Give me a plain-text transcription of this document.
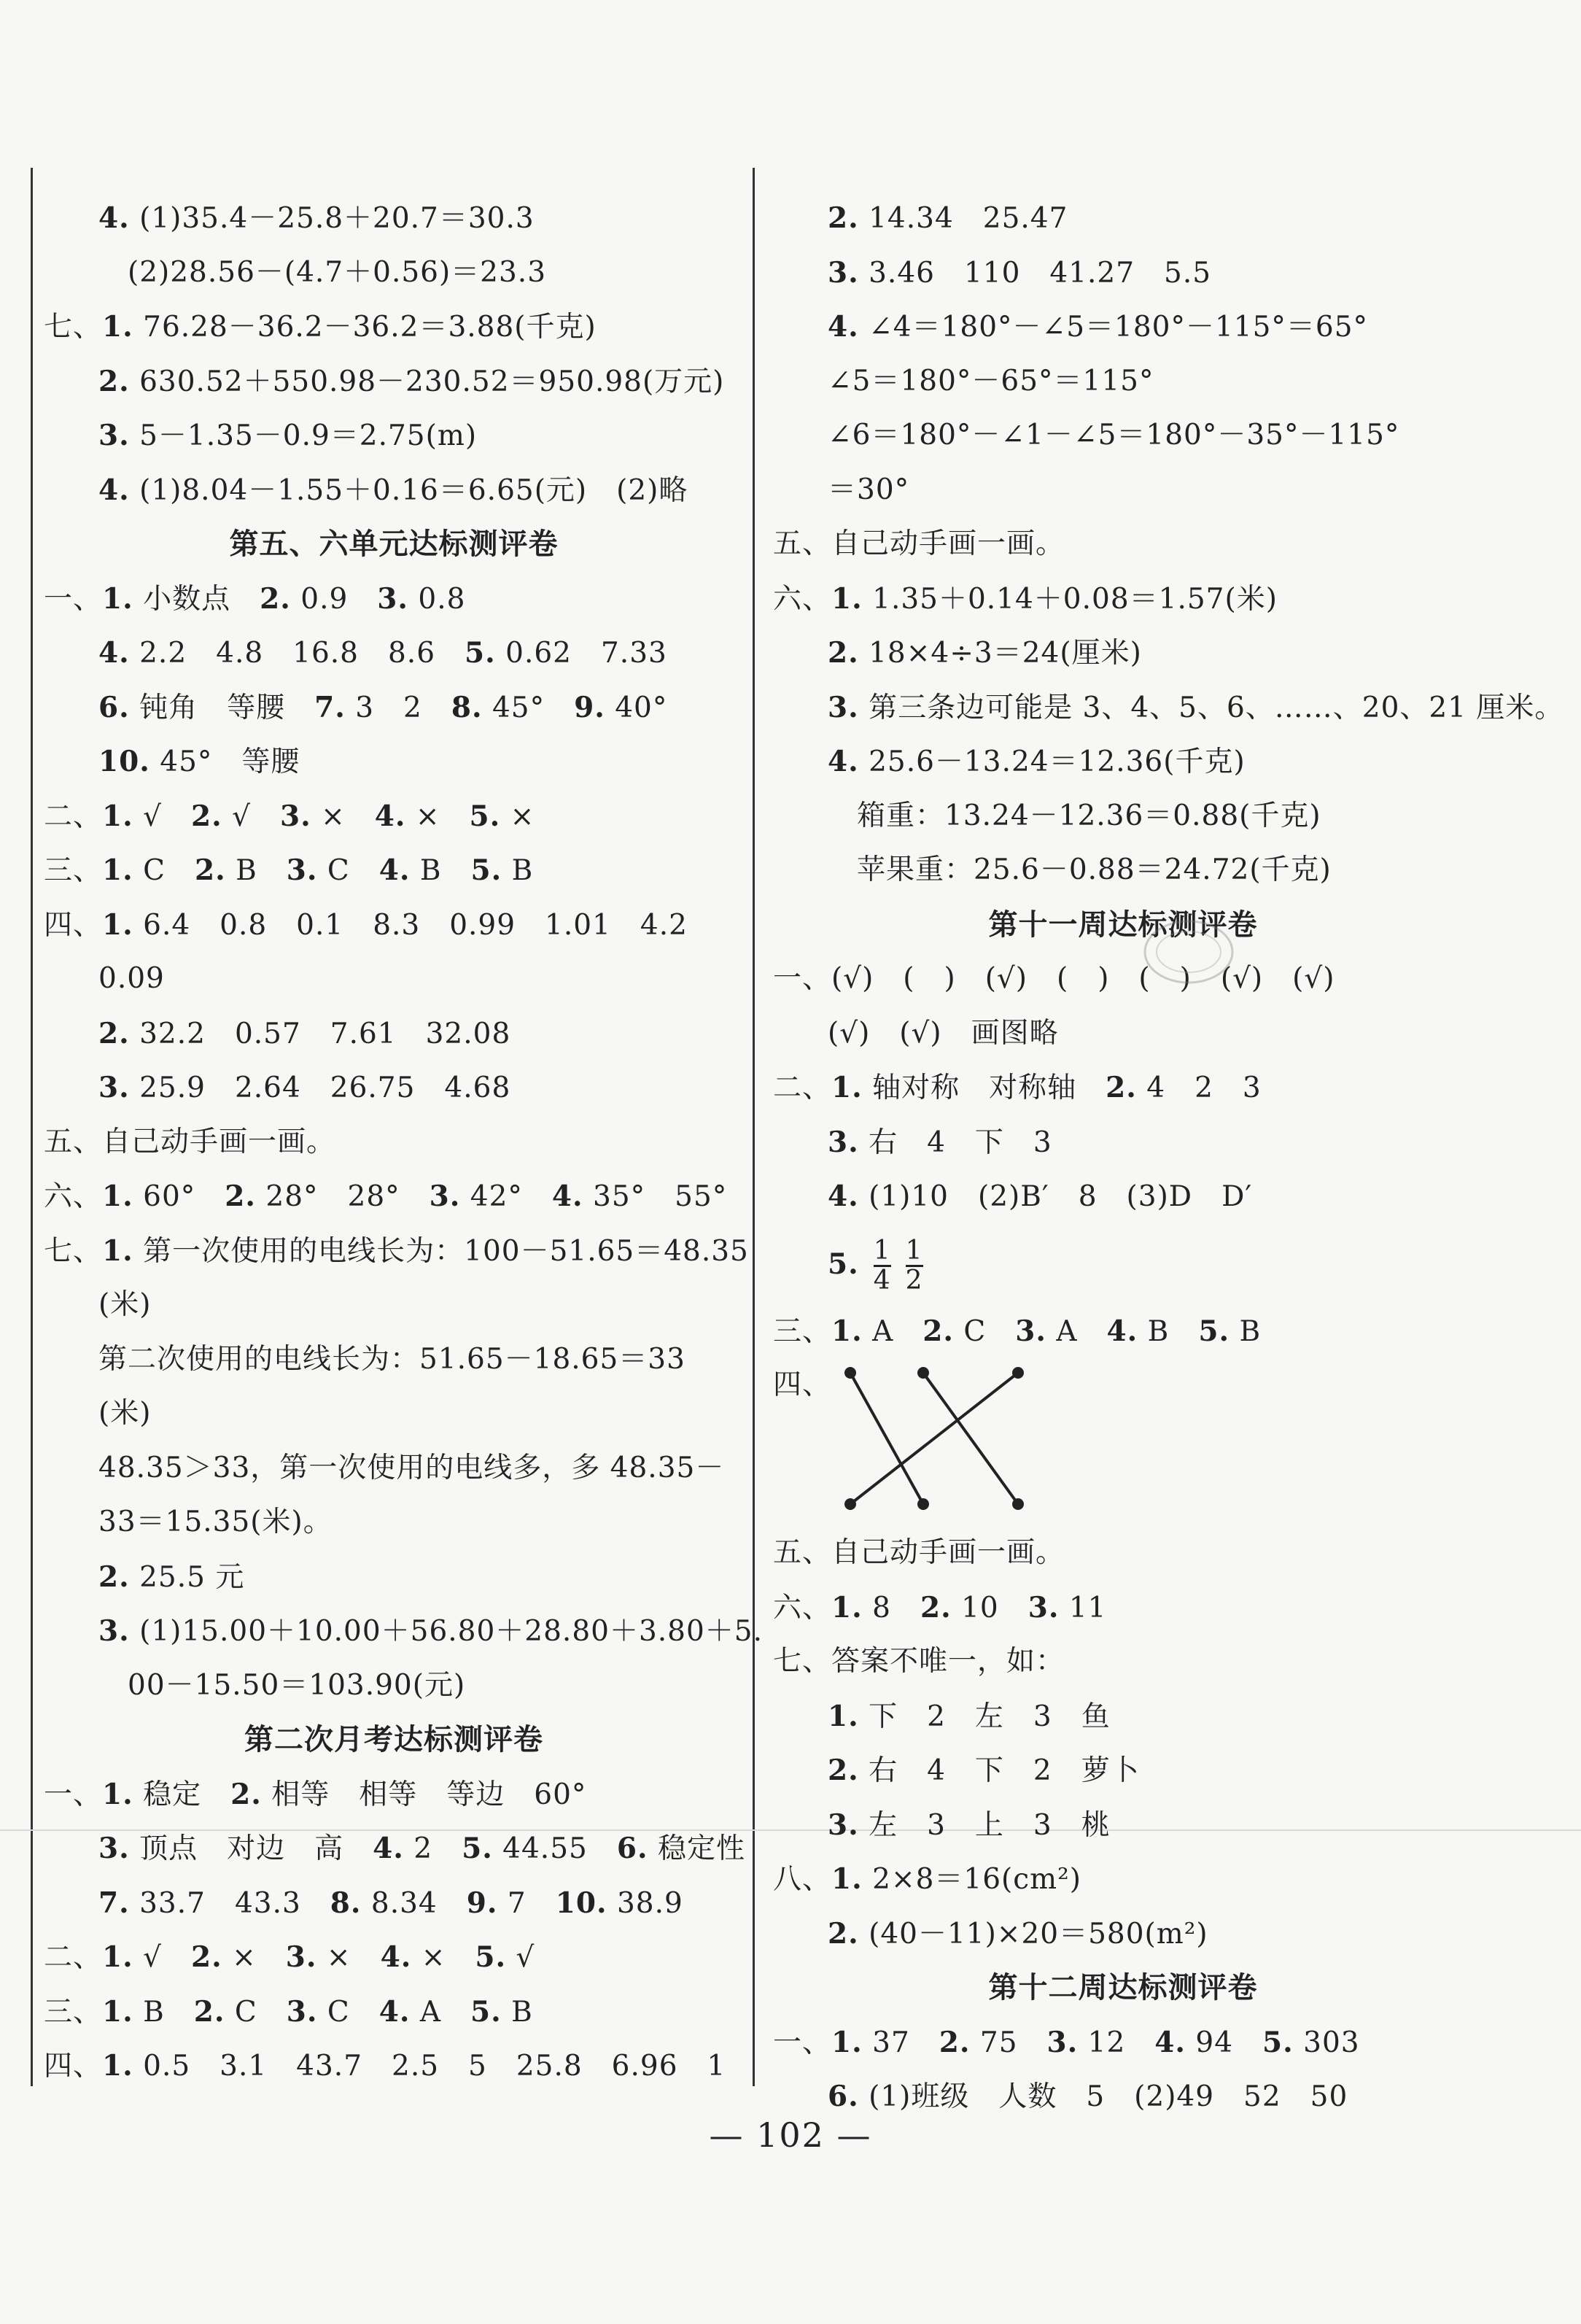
4. (1)35.4－25.8＋20.7＝30.3
(2)28.56－(4.7＋0.56)＝23.3
七、1. 76.28－36.2－36.2＝3.88(千克)
2. 630.52＋550.98－230.52＝950.98(万元)
3. 5－1.35－0.9＝2.75(m)
4. (1)8.04－1.55＋0.16＝6.65(元)　(2)略
第五、六单元达标测评卷
一、1. 小数点　2. 0.9　3. 0.8
4. 2.2　4.8　16.8　8.6　5. 0.62　7.33
6. 钝角　等腰　7. 3　2　8. 45°　9. 40°
10. 45°　等腰
二、1. √　2. √　3. ×　4. ×　5. ×
三、1. C　2. B　3. C　4. B　5. B
四、1. 6.4　0.8　0.1　8.3　0.99　1.01　4.2
0.09
2. 32.2　0.57　7.61　32.08
3. 25.9　2.64　26.75　4.68
五、自己动手画一画。
六、1. 60°　2. 28°　28°　3. 42°　4. 35°　55°
七、1. 第一次使用的电线长为：100－51.65＝48.35
(米)
第二次使用的电线长为：51.65－18.65＝33
(米)
48.35＞33，第一次使用的电线多，多 48.35－
33＝15.35(米)。
2. 25.5 元
3. (1)15.00＋10.00＋56.80＋28.80＋3.80＋5.
00－15.50＝103.90(元)
第二次月考达标测评卷
一、1. 稳定　2. 相等　相等　等边　60°
3. 顶点　对边　高　4. 2　5. 44.55　6. 稳定性
7. 33.7　43.3　8. 8.34　9. 7　10. 38.9
二、1. √　2. ×　3. ×　4. ×　5. √
三、1. B　2. C　3. C　4. A　5. B
四、1. 0.5　3.1　43.7　2.5　5　25.8　6.96　1
2. 14.34　25.47
3. 3.46　110　41.27　5.5
4. ∠4＝180°－∠5＝180°－115°＝65°
∠5＝180°－65°＝115°
∠6＝180°－∠1－∠5＝180°－35°－115°
＝30°
五、自己动手画一画。
六、1. 1.35＋0.14＋0.08＝1.57(米)
2. 18×4÷3＝24(厘米)
3. 第三条边可能是 3、4、5、6、……、20、21 厘米。
4. 25.6－13.24＝12.36(千克)
箱重：13.24－12.36＝0.88(千克)
苹果重：25.6－0.88＝24.72(千克)
第十一周达标测评卷
一、(√)　(　)　(√)　(　)　(　)　(√)　(√)
(√)　(√)　画图略
二、1. 轴对称　对称轴　2. 4　2　3
3. 右　4　下　3
4. (1)10　(2)B′　8　(3)D　D′
5. $\frac{1}{4} \frac{1}{2}$
三、1. A　2. C　3. A　4. B　5. B
四、
五、自己动手画一画。
六、1. 8　2. 10　3. 11
七、答案不唯一，如：
1. 下　2　左　3　鱼
2. 右　4　下　2　萝卜
3. 左　3　上　3　桃
八、1. 2×8＝16(cm²)
2. (40－11)×20＝580(m²)
第十二周达标测评卷
一、1. 37　2. 75　3. 12　4. 94　5. 303
6. (1)班级　人数　5　(2)49　52　50
— 102 —
